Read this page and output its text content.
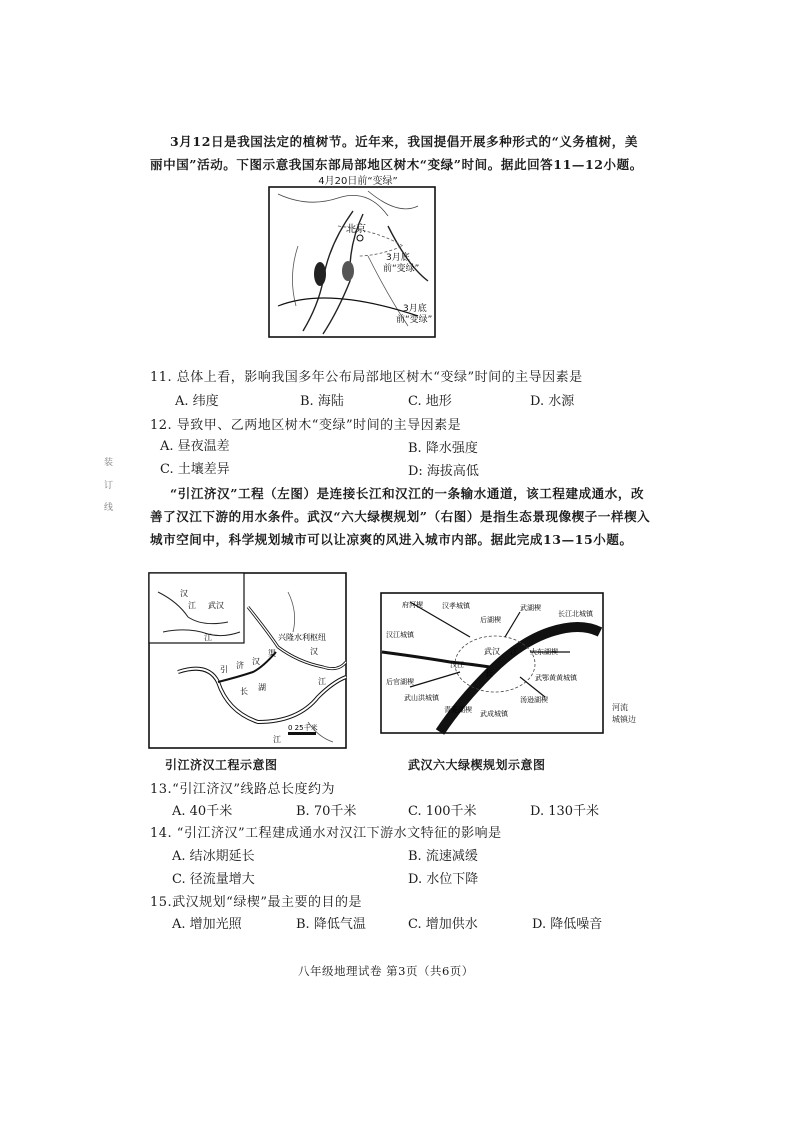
3月12日是我国法定的植树节。近年来，我国提倡开展多种形式的“义务植树，美
丽中国”活动。下图示意我国东部局部地区树木“变绿”时间。据此回答11—12小题。
4月20日前“变绿”
北京
3月底
前“变绿”
3月底
前“变绿”
11. 总体上看，影响我国多年公布局部地区树木“变绿”时间的主导因素是
A. 纬度	B. 海陆	C. 地形	D. 水源
12. 导致甲、乙两地区树木“变绿”时间的主导因素是
A. 昼夜温差	B. 降水强度
C. 土壤差异	D: 海拔高低
装
订
线
“引江济汉”工程（左图）是连接长江和汉江的一条输水通道，该工程建成通水，改
善了汉江下游的用水条件。武汉“六大绿楔规划”（右图）是指生态景现像楔子一样楔入
城市空间中，科学规划城市可以让凉爽的风进入城市内部。据此完成13—15小题。
汉
江 武汉
江	兴隆水利枢纽
汉
江
引 济 汉
渠
湖
长
江
0 25千米
引江济汉工程示意图
汉孝城镇
长江北城镇
汉江城镇
武汉 江 大东湖楔
武鄂黄黄城镇
府河楔
后湖楔
武湖楔
汉江
长
后官湖楔
武山洪城镇	汤逊湖楔
青菱湖楔 武成城镇
河流
城镇边
武汉六大绿楔规划示意图
13.“引江济汉”线路总长度约为
A. 40千米	B. 70千米	C. 100千米	D. 130千米
14. “引江济汉”工程建成通水对汉江下游水文特征的影响是
A. 结冰期延长	B. 流速减缓
C. 径流量增大	D. 水位下降
15.武汉规划“绿楔”最主要的目的是
A. 增加光照	B. 降低气温	C. 增加供水	D. 降低噪音
八年级地理试卷 第3页（共6页）
